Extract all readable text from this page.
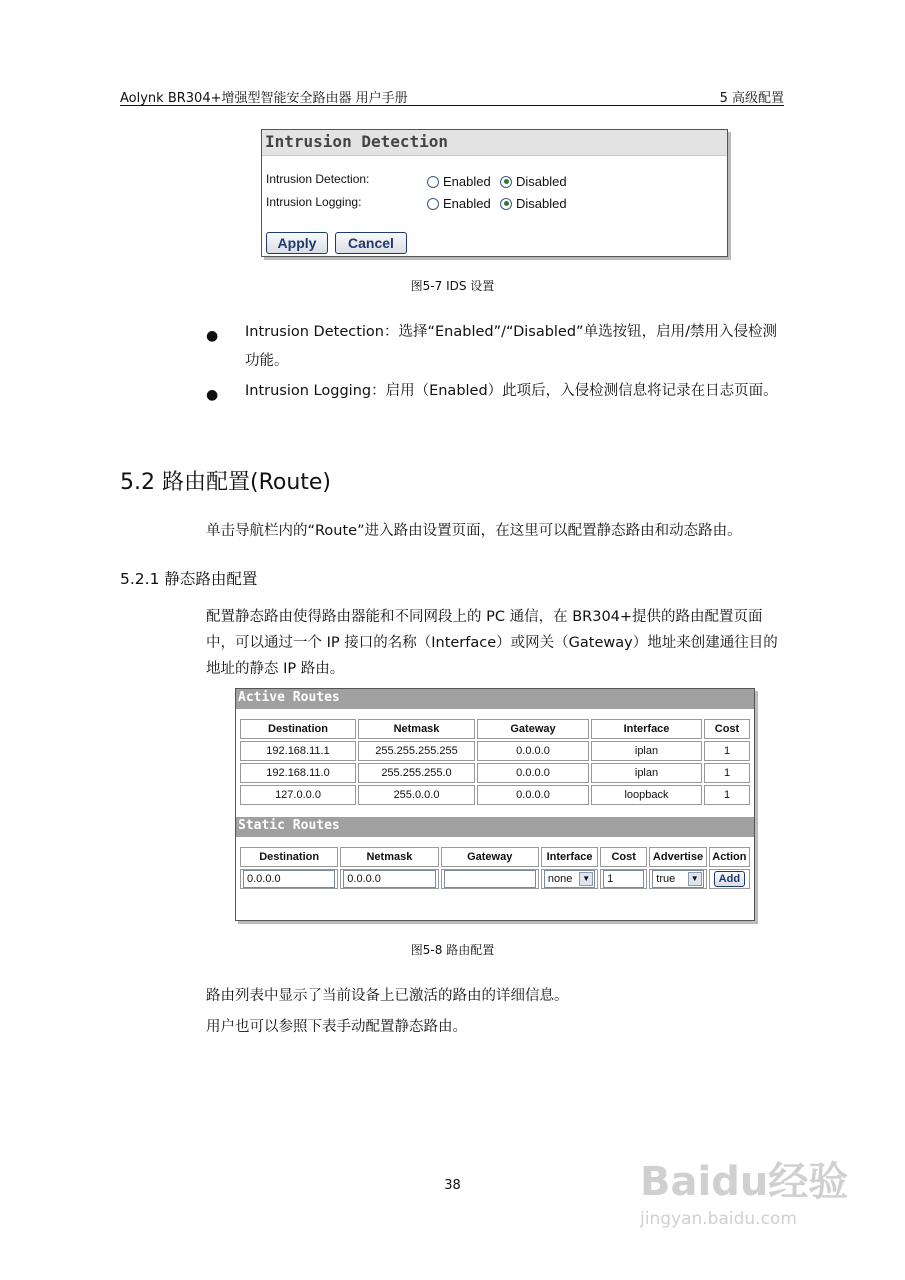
Aolynk BR304+增强型智能安全路由器 用户手册	5 高级配置
Intrusion Detection
Intrusion Detection:	Enabled Disabled
Intrusion Logging:	Enabled Disabled
Apply	Cancel
图5-7 IDS 设置
● Intrusion Detection：选择“Enabled”/“Disabled”单选按钮，启用/禁用入侵检测功能。
● Intrusion Logging：启用（Enabled）此项后，入侵检测信息将记录在日志页面。
5.2 路由配置(Route)
单击导航栏内的“Route”进入路由设置页面，在这里可以配置静态路由和动态路由。
5.2.1 静态路由配置
配置静态路由使得路由器能和不同网段上的 PC 通信，在 BR304+提供的路由配置页面中，可以通过一个 IP 接口的名称（Interface）或网关（Gateway）地址来创建通往目的地址的静态 IP 路由。
Active Routes
Destination	Netmask	Gateway	Interface	Cost
192.168.11.1	255.255.255.255	0.0.0.0	iplan	1
192.168.11.0	255.255.255.0	0.0.0.0	iplan	1
127.0.0.0	255.0.0.0	0.0.0.0	loopback	1
Static Routes
Destination	Netmask	Gateway	Interface	Cost	Advertise	Action

0.0.0.0	0.0.0.0		none ▼	1	true ▼	Add
图5-8 路由配置
路由列表中显示了当前设备上已激活的路由的详细信息。
用户也可以参照下表手动配置静态路由。
38	Baidu经验
jingyan.baidu.com
